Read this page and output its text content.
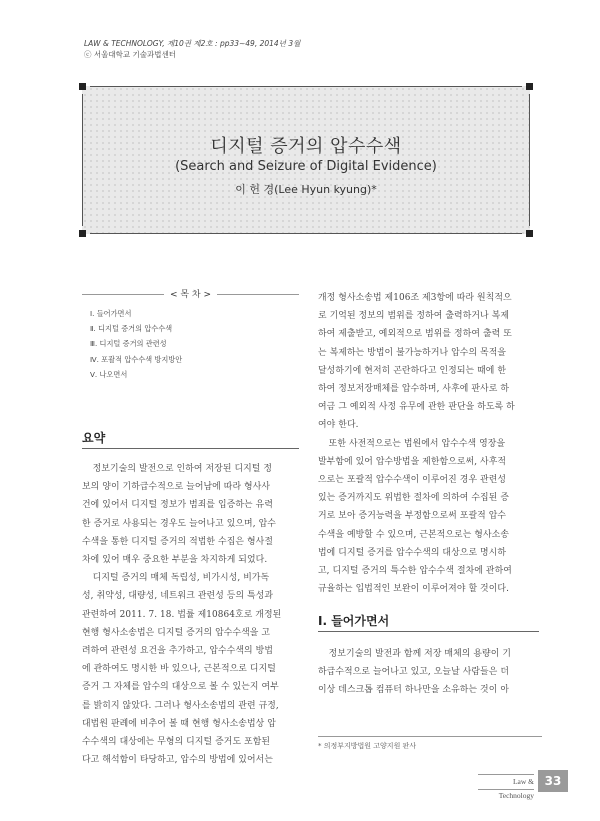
LAW & TECHNOLOGY, 제10권 제2호 : pp33∼49, 2014년 3월
ⓒ 서울대학교 기술과법센터
디지털 증거의 압수수색
(Search and Seizure of Digital Evidence)
이 헌 경(Lee Hyun kyung)*
< 목 차 >
Ⅰ. 들어가면서
Ⅱ. 디지털 증거의 압수수색
Ⅲ. 디지털 증거의 관련성
Ⅳ. 포괄적 압수수색 방지방안
Ⅴ. 나오면서
요약
정보기술의 발전으로 인하여 저장된 디지털 정
보의 양이 기하급수적으로 늘어남에 따라 형사사
건에 있어서 디지털 정보가 범죄를 입증하는 유력
한 증거로 사용되는 경우도 늘어나고 있으며, 압수
수색을 통한 디지털 증거의 적법한 수집은 형사절
차에 있어 매우 중요한 부분을 차지하게 되었다.
디지털 증거의 매체 독립성, 비가시성, 비가독
성, 취약성, 대량성, 네트워크 관련성 등의 특성과
관련하여 2011. 7. 18. 법률 제10864호로 개정된
현행 형사소송법은 디지털 증거의 압수수색을 고
려하여 관련성 요건을 추가하고, 압수수색의 방법
에 관하여도 명시한 바 있으나, 근본적으로 디지털
증거 그 자체를 압수의 대상으로 볼 수 있는지 여부
를 밝히지 않았다. 그러나 형사소송법의 관련 규정,
대법원 판례에 비추어 볼 때 현행 형사소송법상 압
수수색의 대상에는 무형의 디지털 증거도 포함된
다고 해석함이 타당하고, 압수의 방법에 있어서는
개정 형사소송법 제106조 제3항에 따라 원칙적으
로 기억된 정보의 범위를 정하여 출력하거나 복제
하여 제출받고, 예외적으로 범위를 정하여 출력 또
는 복제하는 방법이 불가능하거나 압수의 목적을
달성하기에 현저히 곤란하다고 인정되는 때에 한
하여 정보저장매체를 압수하며, 사후에 판사로 하
여금 그 예외적 사정 유무에 관한 판단을 하도록 하
여야 한다.
또한 사전적으로는 법원에서 압수수색 영장을
발부함에 있어 압수방법을 제한함으로써, 사후적
으로는 포괄적 압수수색이 이루어진 경우 관련성
있는 증거까지도 위법한 절차에 의하여 수집된 증
거로 보아 증거능력을 부정함으로써 포괄적 압수
수색을 예방할 수 있으며, 근본적으로는 형사소송
법에 디지털 증거를 압수수색의 대상으로 명시하
고, 디지털 증거의 특수한 압수수색 절차에 관하여
규율하는 입법적인 보완이 이루어져야 할 것이다.
Ⅰ. 들어가면서
정보기술의 발전과 함께 저장 매체의 용량이 기
하급수적으로 늘어나고 있고, 오늘날 사람들은 더
이상 데스크톱 컴퓨터 하나만을 소유하는 것이 아
* 의정부지방법원 고양지원 판사
Law & Technology
33
